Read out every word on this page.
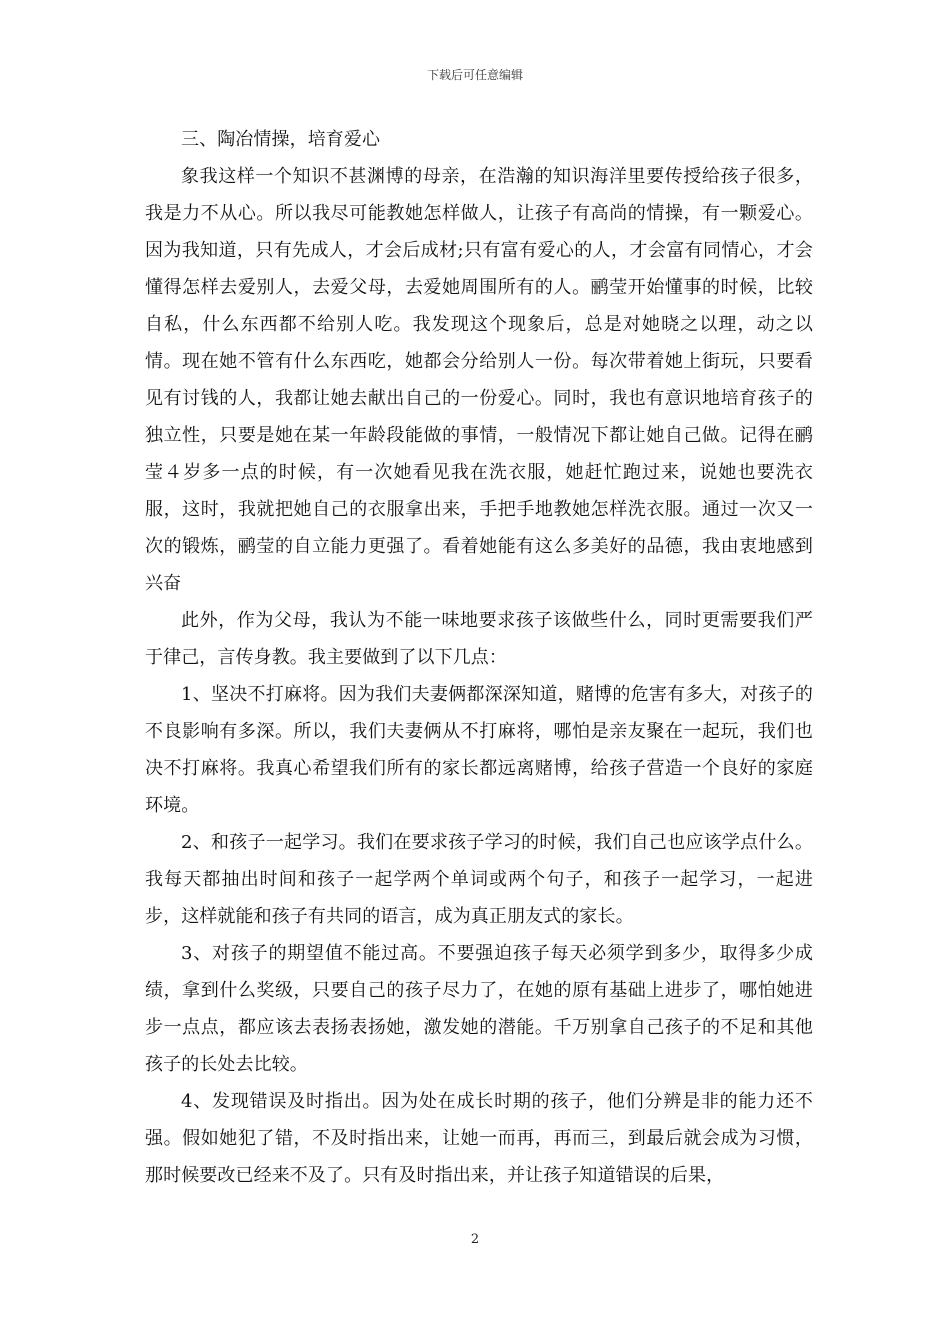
下载后可任意编辑

三、陶冶情操，培育爱心

象我这样一个知识不甚渊博的母亲，在浩瀚的知识海洋里要传授给孩子很多，我是力不从心。所以我尽可能教她怎样做人，让孩子有高尚的情操，有一颗爱心。因为我知道，只有先成人，才会后成材;只有富有爱心的人，才会富有同情心，才会懂得怎样去爱别人，去爱父母，去爱她周围所有的人。鹂莹开始懂事的时候，比较自私，什么东西都不给别人吃。我发现这个现象后，总是对她晓之以理，动之以情。现在她不管有什么东西吃，她都会分给别人一份。每次带着她上街玩，只要看见有讨钱的人，我都让她去献出自己的一份爱心。同时，我也有意识地培育孩子的独立性，只要是她在某一年龄段能做的事情，一般情况下都让她自己做。记得在鹂莹４岁多一点的时候，有一次她看见我在洗衣服，她赶忙跑过来，说她也要洗衣服，这时，我就把她自己的衣服拿出来，手把手地教她怎样洗衣服。通过一次又一次的锻炼，鹂莹的自立能力更强了。看着她能有这么多美好的品德，我由衷地感到兴奋

此外，作为父母，我认为不能一味地要求孩子该做些什么，同时更需要我们严于律己，言传身教。我主要做到了以下几点：

1、坚决不打麻将。因为我们夫妻俩都深深知道，赌博的危害有多大，对孩子的不良影响有多深。所以，我们夫妻俩从不打麻将，哪怕是亲友聚在一起玩，我们也决不打麻将。我真心希望我们所有的家长都远离赌博，给孩子营造一个良好的家庭环境。

2、和孩子一起学习。我们在要求孩子学习的时候，我们自己也应该学点什么。我每天都抽出时间和孩子一起学两个单词或两个句子，和孩子一起学习，一起进步，这样就能和孩子有共同的语言，成为真正朋友式的家长。

3、对孩子的期望值不能过高。不要强迫孩子每天必须学到多少，取得多少成绩，拿到什么奖级，只要自己的孩子尽力了，在她的原有基础上进步了，哪怕她进步一点点，都应该去表扬表扬她，激发她的潜能。千万别拿自己孩子的不足和其他孩子的长处去比较。

4、发现错误及时指出。因为处在成长时期的孩子，他们分辨是非的能力还不强。假如她犯了错，不及时指出来，让她一而再，再而三，到最后就会成为习惯，那时候要改已经来不及了。只有及时指出来，并让孩子知道错误的后果，

2
